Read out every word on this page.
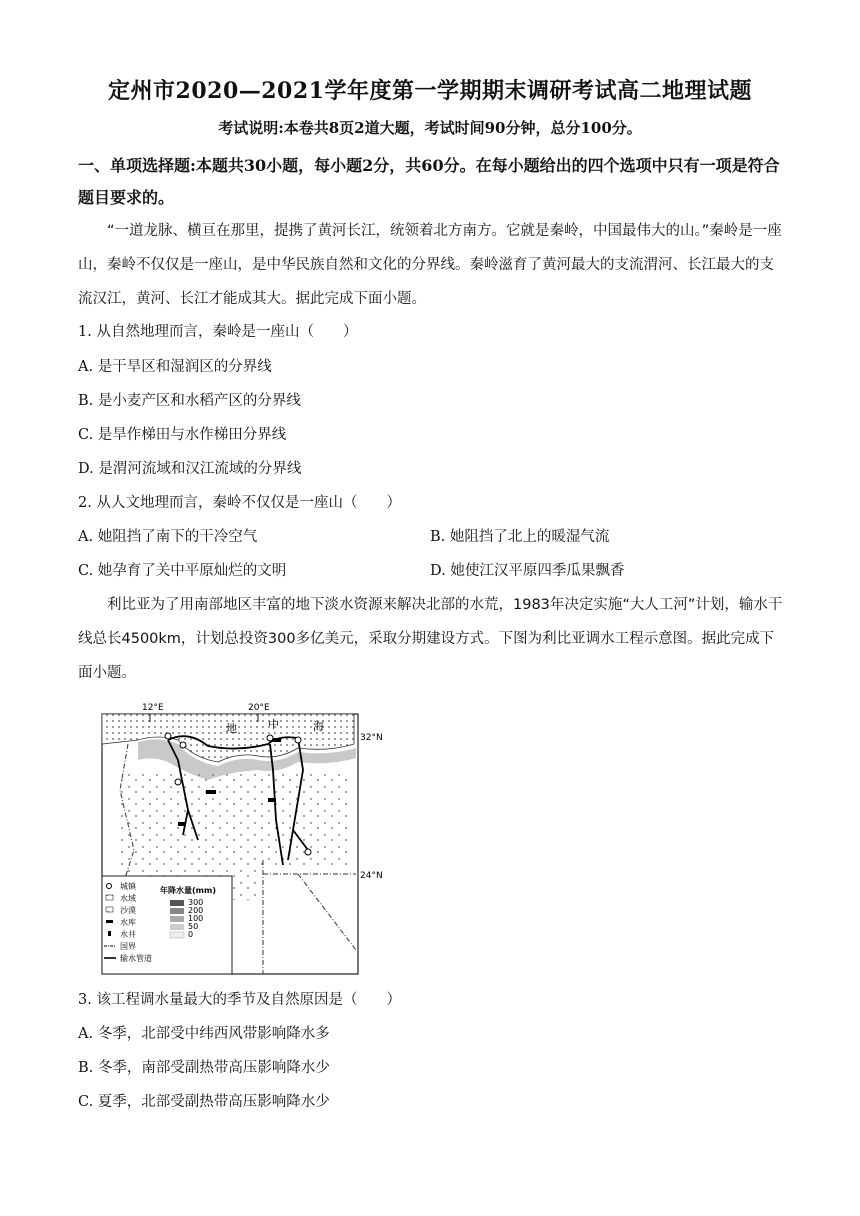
定州市2020—2021学年度第一学期期末调研考试高二地理试题
考试说明:本卷共8页2道大题，考试时间90分钟，总分100分。
一、单项选择题:本题共30小题，每小题2分，共60分。在每小题给出的四个选项中只有一项是符合题目要求的。
“一道龙脉、横亘在那里，提携了黄河长江，统领着北方南方。它就是秦岭，中国最伟大的山。”秦岭是一座山，秦岭不仅仅是一座山，是中华民族自然和文化的分界线。秦岭滋育了黄河最大的支流渭河、长江最大的支流汉江，黄河、长江才能成其大。据此完成下面小题。
1. 从自然地理而言，秦岭是一座山（　　）
A. 是干旱区和湿润区的分界线
B. 是小麦产区和水稻产区的分界线
C. 是旱作梯田与水作梯田分界线
D. 是渭河流域和汉江流域的分界线
2. 从人文地理而言，秦岭不仅仅是一座山（　　）
A. 她阻挡了南下的干冷空气	B. 她阻挡了北上的暖湿气流
C. 她孕育了关中平原灿烂的文明	D. 她使江汉平原四季瓜果飘香
利比亚为了用南部地区丰富的地下淡水资源来解决北部的水荒，1983年决定实施“大人工河”计划，输水干线总长4500km，计划总投资300多亿美元，采取分期建设方式。下图为利比亚调水工程示意图。据此完成下面小题。
12°E	20°E
32°N
24°N
地	中	海
城镇
水域
沙漠
水库
水井
国界
输水管道
年降水量(mm)
300
200
100
50
0
3. 该工程调水量最大的季节及自然原因是（　　）
A. 冬季，北部受中纬西风带影响降水多
B. 冬季，南部受副热带高压影响降水少
C. 夏季，北部受副热带高压影响降水少
